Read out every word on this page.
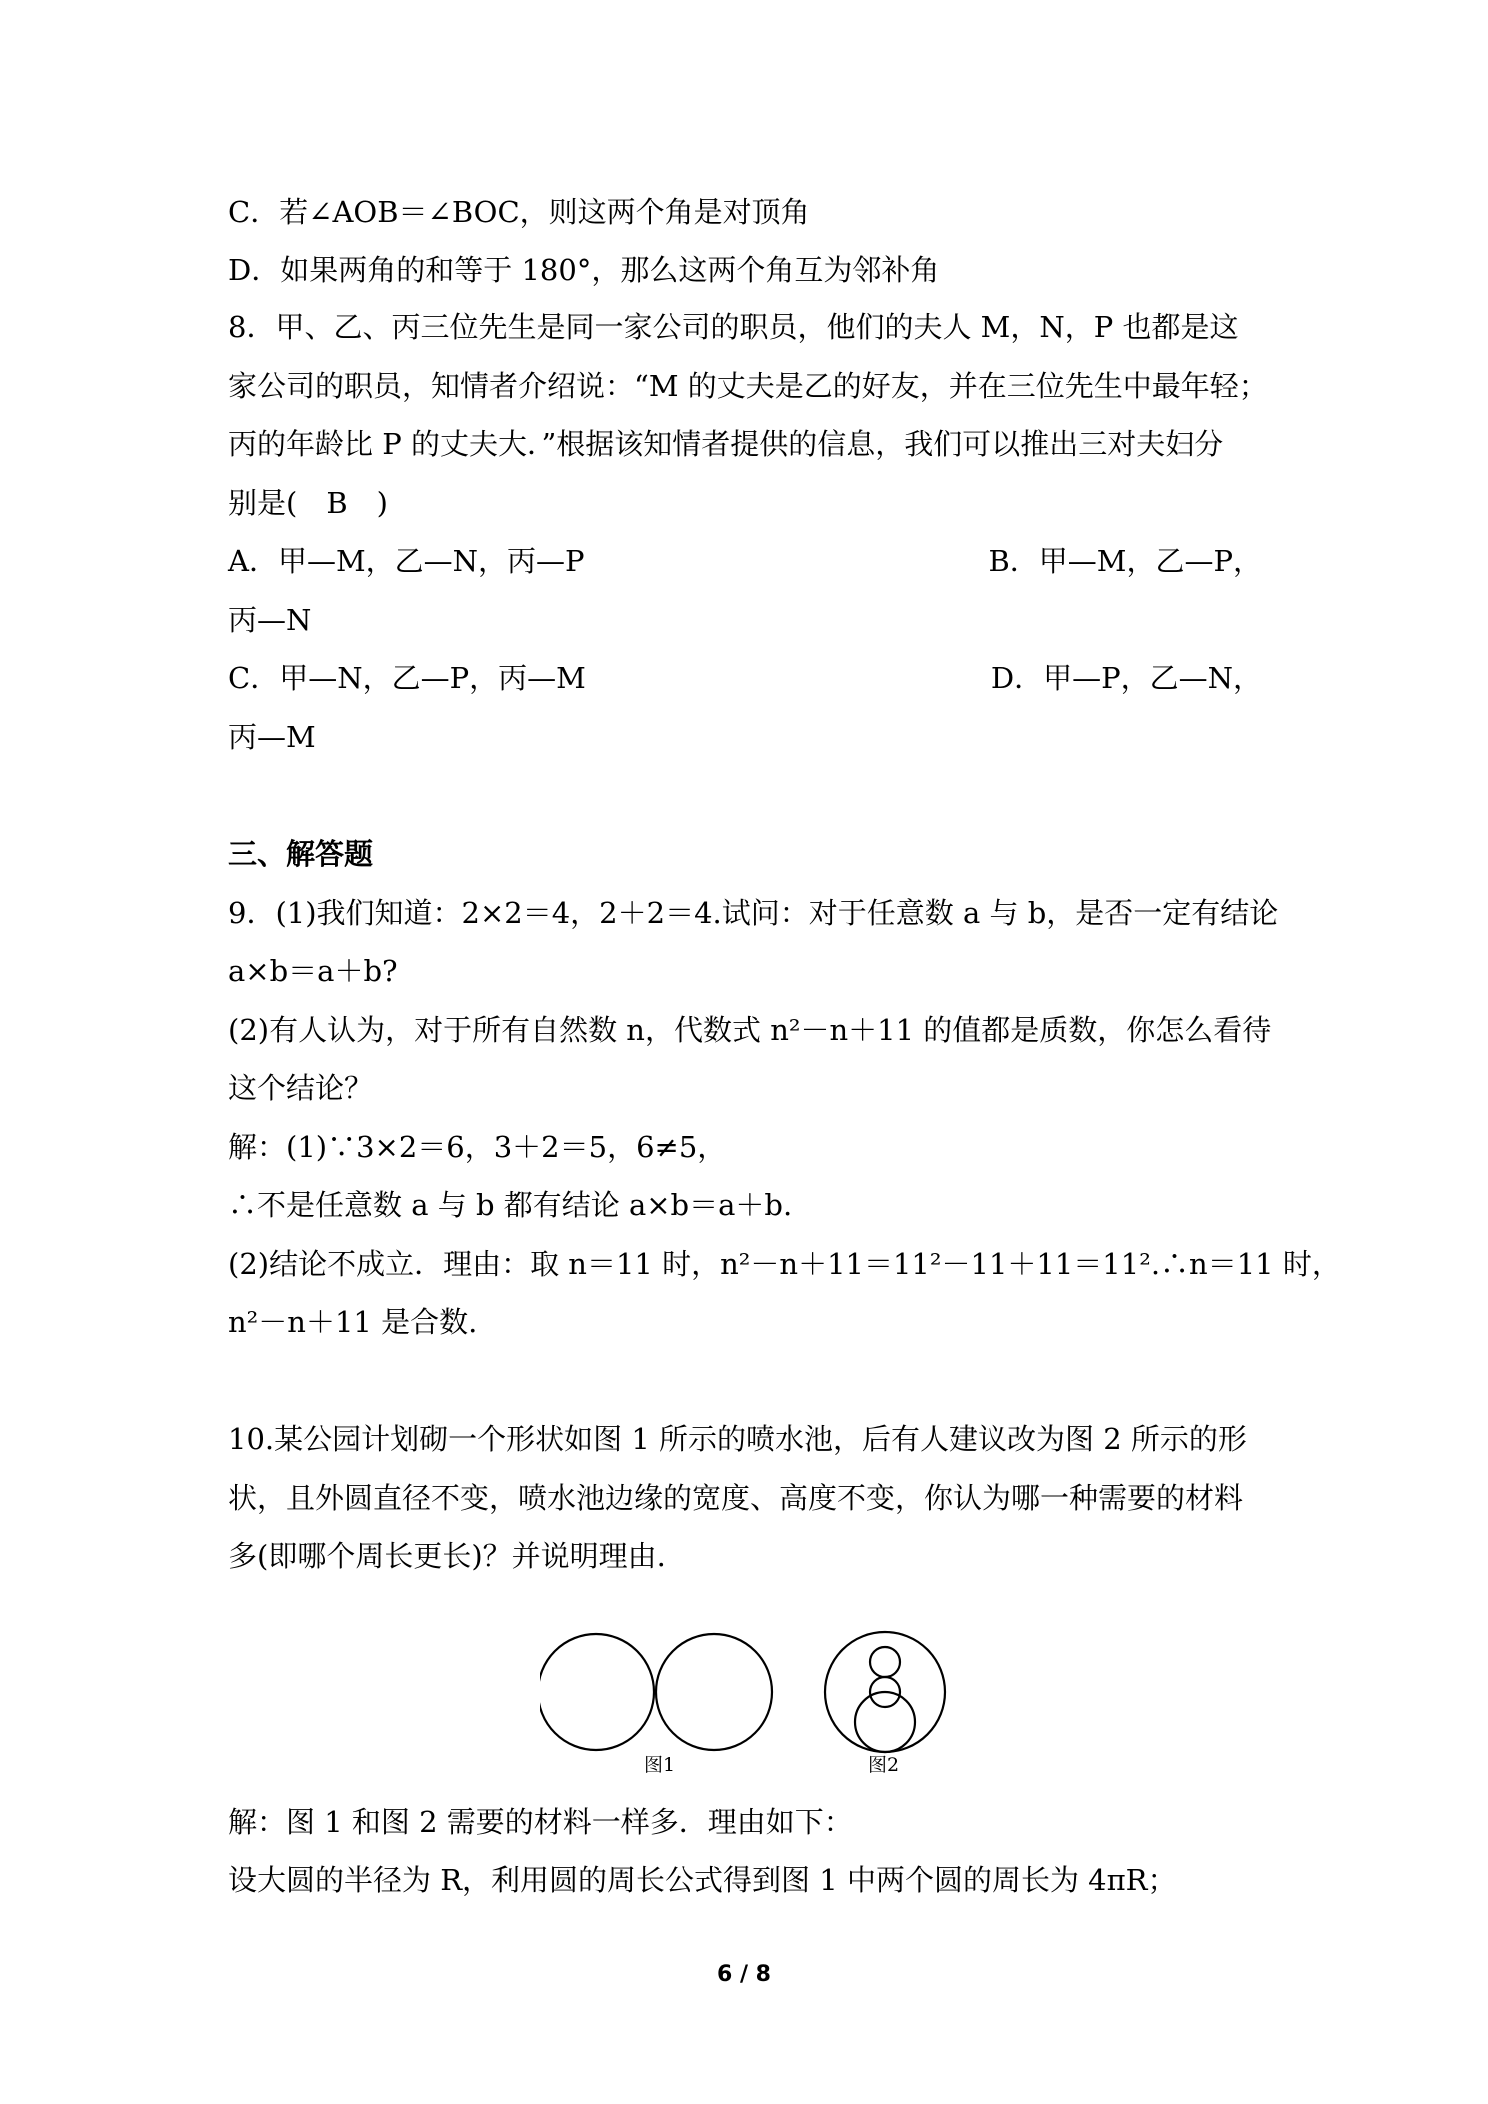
C．若∠AOB＝∠BOC，则这两个角是对顶角

D．如果两角的和等于 180°，那么这两个角互为邻补角

8．甲、乙、丙三位先生是同一家公司的职员，他们的夫人 M，N，P 也都是这

家公司的职员，知情者介绍说：“M 的丈夫是乙的好友，并在三位先生中最年轻；

丙的年龄比 P 的丈夫大．”根据该知情者提供的信息，我们可以推出三对夫妇分

别是(　B　)

A．甲—M，乙—N，丙—P	B．甲—M，乙—P，

丙—N

C．甲—N，乙—P，丙—M	D．甲—P，乙—N，

丙—M

三、解答题

9．(1)我们知道：2×2＝4，2＋2＝4.试问：对于任意数 a 与 b，是否一定有结论

a×b＝a＋b?

(2)有人认为，对于所有自然数 n，代数式 n²－n＋11 的值都是质数，你怎么看待

这个结论？

解：(1)∵3×2＝6，3＋2＝5，6≠5，

∴不是任意数 a 与 b 都有结论 a×b＝a＋b.

(2)结论不成立．理由：取 n＝11 时，n²－n＋11＝11²－11＋11＝11².∴n＝11 时，

n²－n＋11 是合数.

10.某公园计划砌一个形状如图 1 所示的喷水池，后有人建议改为图 2 所示的形

状，且外圆直径不变，喷水池边缘的宽度、高度不变，你认为哪一种需要的材料

多(即哪个周长更长)？并说明理由.

图1	图2

解：图 1 和图 2 需要的材料一样多．理由如下：

设大圆的半径为 R，利用圆的周长公式得到图 1 中两个圆的周长为 4πR；

6 / 8
